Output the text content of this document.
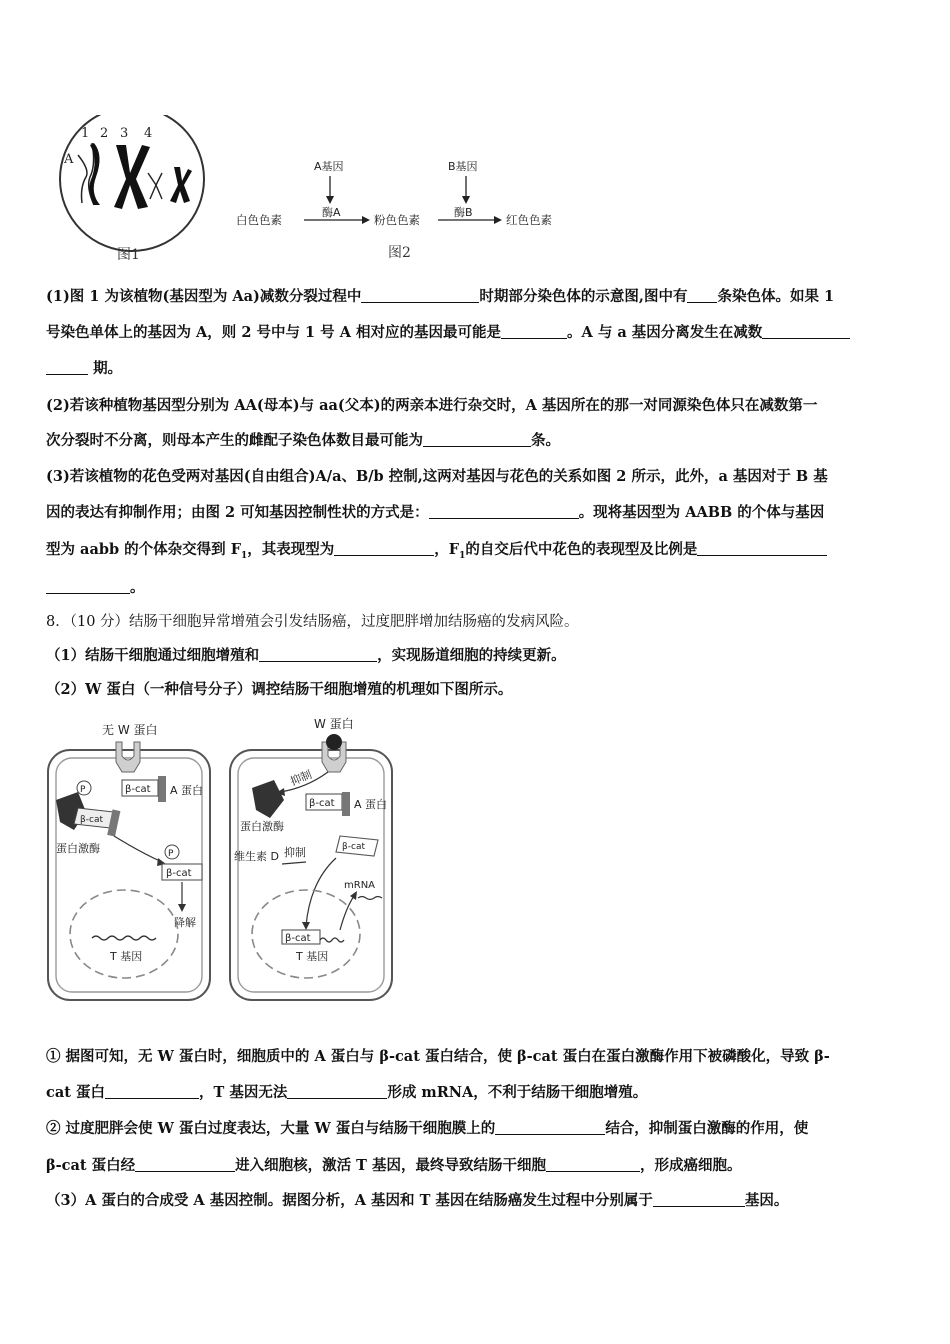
A
1 2 3 4
图1
A基因	B基因
酶A	酶B
白色色素	粉色色素	红色色素
图2
(1)图 1 为该植物(基因型为 Aa)减数分裂过程中	时期部分染色体的示意图,图中有 条染色体。如果 1
号染色单体上的基因为 A，则 2 号中与 1 号 A 相对应的基因最可能是	。A 与 a 基因分离发生在减数
期。
(2)若该种植物基因型分别为 AA(母本)与 aa(父本)的两亲本进行杂交时，A 基因所在的那一对同源染色体只在减数第一
次分裂时不分离，则母本产生的雌配子染色体数目最可能为	条。
(3)若该植物的花色受两对基因(自由组合)A/a、B/b 控制,这两对基因与花色的关系如图 2 所示，此外，a 基因对于 B 基
因的表达有抑制作用；由图 2 可知基因控制性状的方式是：	。现将基因型为 AABB 的个体与基因
型为 aabb 的个体杂交得到 $F_1$，其表现型为	，$F_1$的自交后代中花色的表现型及比例是
。
8．（10 分）结肠干细胞异常增殖会引发结肠癌，过度肥胖增加结肠癌的发病风险。
（1）结肠干细胞通过细胞增殖和	，实现肠道细胞的持续更新。
（2）W 蛋白（一种信号分子）调控结肠干细胞增殖的机理如下图所示。
无 W 蛋白
A 蛋白
β-cat
P
β-cat
蛋白激酶	P
β-cat
降解
T 基因
W 蛋白
抑制
蛋白激酶
β-cat A 蛋白
β-cat
维生素 D 抑制
β-cat
T 基因
mRNA
① 据图可知，无 W 蛋白时，细胞质中的 A 蛋白与 β-cat 蛋白结合，使 β-cat 蛋白在蛋白激酶作用下被磷酸化，导致 β-
cat 蛋白	，T 基因无法	形成 mRNA，不利于结肠干细胞增殖。
② 过度肥胖会使 W 蛋白过度表达，大量 W 蛋白与结肠干细胞膜上的	结合，抑制蛋白激酶的作用，使
β-cat 蛋白经	进入细胞核，激活 T 基因，最终导致结肠干细胞	，形成癌细胞。
（3）A 蛋白的合成受 A 基因控制。据图分析，A 基因和 T 基因在结肠癌发生过程中分别属于	基因。
